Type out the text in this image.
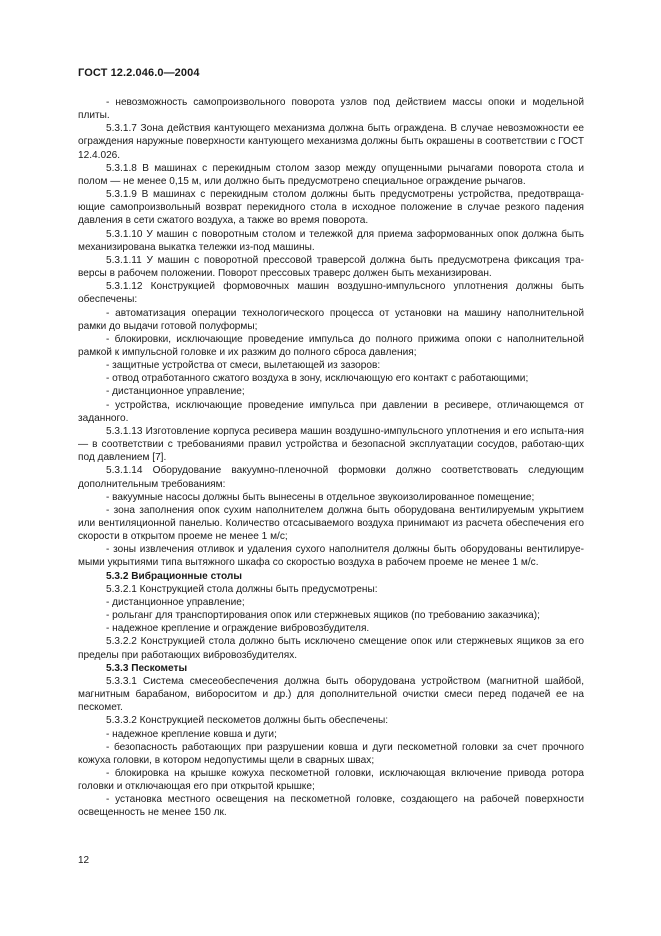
ГОСТ 12.2.046.0—2004

- невозможность самопроизвольного поворота узлов под действием массы опоки и модельной плиты.

5.3.1.7 Зона действия кантующего механизма должна быть ограждена. В случае невозможности ее ограждения наружные поверхности кантующего механизма должны быть окрашены в соответствии с ГОСТ 12.4.026.

5.3.1.8 В машинах с перекидным столом зазор между опущенными рычагами поворота стола и полом — не менее 0,15 м, или должно быть предусмотрено специальное ограждение рычагов.

5.3.1.9 В машинах с перекидным столом должны быть предусмотрены устройства, предотвраща-ющие самопроизвольный возврат перекидного стола в исходное положение в случае резкого падения давления в сети сжатого воздуха, а также во время поворота.

5.3.1.10 У машин с поворотным столом и тележкой для приема заформованных опок должна быть механизирована выкатка тележки из-под машины.

5.3.1.11 У машин с поворотной прессовой траверсой должна быть предусмотрена фиксация тра-версы в рабочем положении. Поворот прессовых траверс должен быть механизирован.

5.3.1.12 Конструкцией формовочных машин воздушно-импульсного уплотнения должны быть обеспечены:

- автоматизация операции технологического процесса от установки на машину наполнительной рамки до выдачи готовой полуформы;

- блокировки, исключающие проведение импульса до полного прижима опоки с наполнительной рамкой к импульсной головке и их разжим до полного сброса давления;

- защитные устройства от смеси, вылетающей из зазоров:

- отвод отработанного сжатого воздуха в зону, исключающую его контакт с работающими;

- дистанционное управление;

- устройства, исключающие проведение импульса при давлении в ресивере, отличающемся от заданного.

5.3.1.13 Изготовление корпуса ресивера машин воздушно-импульсного уплотнения и его испыта-ния — в соответствии с требованиями правил устройства и безопасной эксплуатации сосудов, работаю-щих под давлением [7].

5.3.1.14 Оборудование вакуумно-пленочной формовки должно соответствовать следующим дополнительным требованиям:

- вакуумные насосы должны быть вынесены в отдельное звукоизолированное помещение;

- зона заполнения опок сухим наполнителем должна быть оборудована вентилируемым укрытием или вентиляционной панелью. Количество отсасываемого воздуха принимают из расчета обеспечения его скорости в открытом проеме не менее 1 м/с;

- зоны извлечения отливок и удаления сухого наполнителя должны быть оборудованы вентилируе-мыми укрытиями типа вытяжного шкафа со скоростью воздуха в рабочем проеме не менее 1 м/с.

5.3.2 Вибрационные столы

5.3.2.1 Конструкцией стола должны быть предусмотрены:

- дистанционное управление;

- рольганг для транспортирования опок или стержневых ящиков (по требованию заказчика);

- надежное крепление и ограждение вибровозбудителя.

5.3.2.2 Конструкцией стола должно быть исключено смещение опок или стержневых ящиков за его пределы при работающих вибровозбудителях.

5.3.3 Пескометы

5.3.3.1 Система смесеобеспечения должна быть оборудована устройством (магнитной шайбой, магнитным барабаном, вибороситом и др.) для дополнительной очистки смеси перед подачей ее на пескомет.

5.3.3.2 Конструкцией пескометов должны быть обеспечены:

- надежное крепление ковша и дуги;

- безопасность работающих при разрушении ковша и дуги пескометной головки за счет прочного кожуха головки, в котором недопустимы щели в сварных швах;

- блокировка на крышке кожуха пескометной головки, исключающая включение привода ротора головки и отключающая его при открытой крышке;

- установка местного освещения на пескометной головке, создающего на рабочей поверхности освещенность не менее 150 лк.

12
